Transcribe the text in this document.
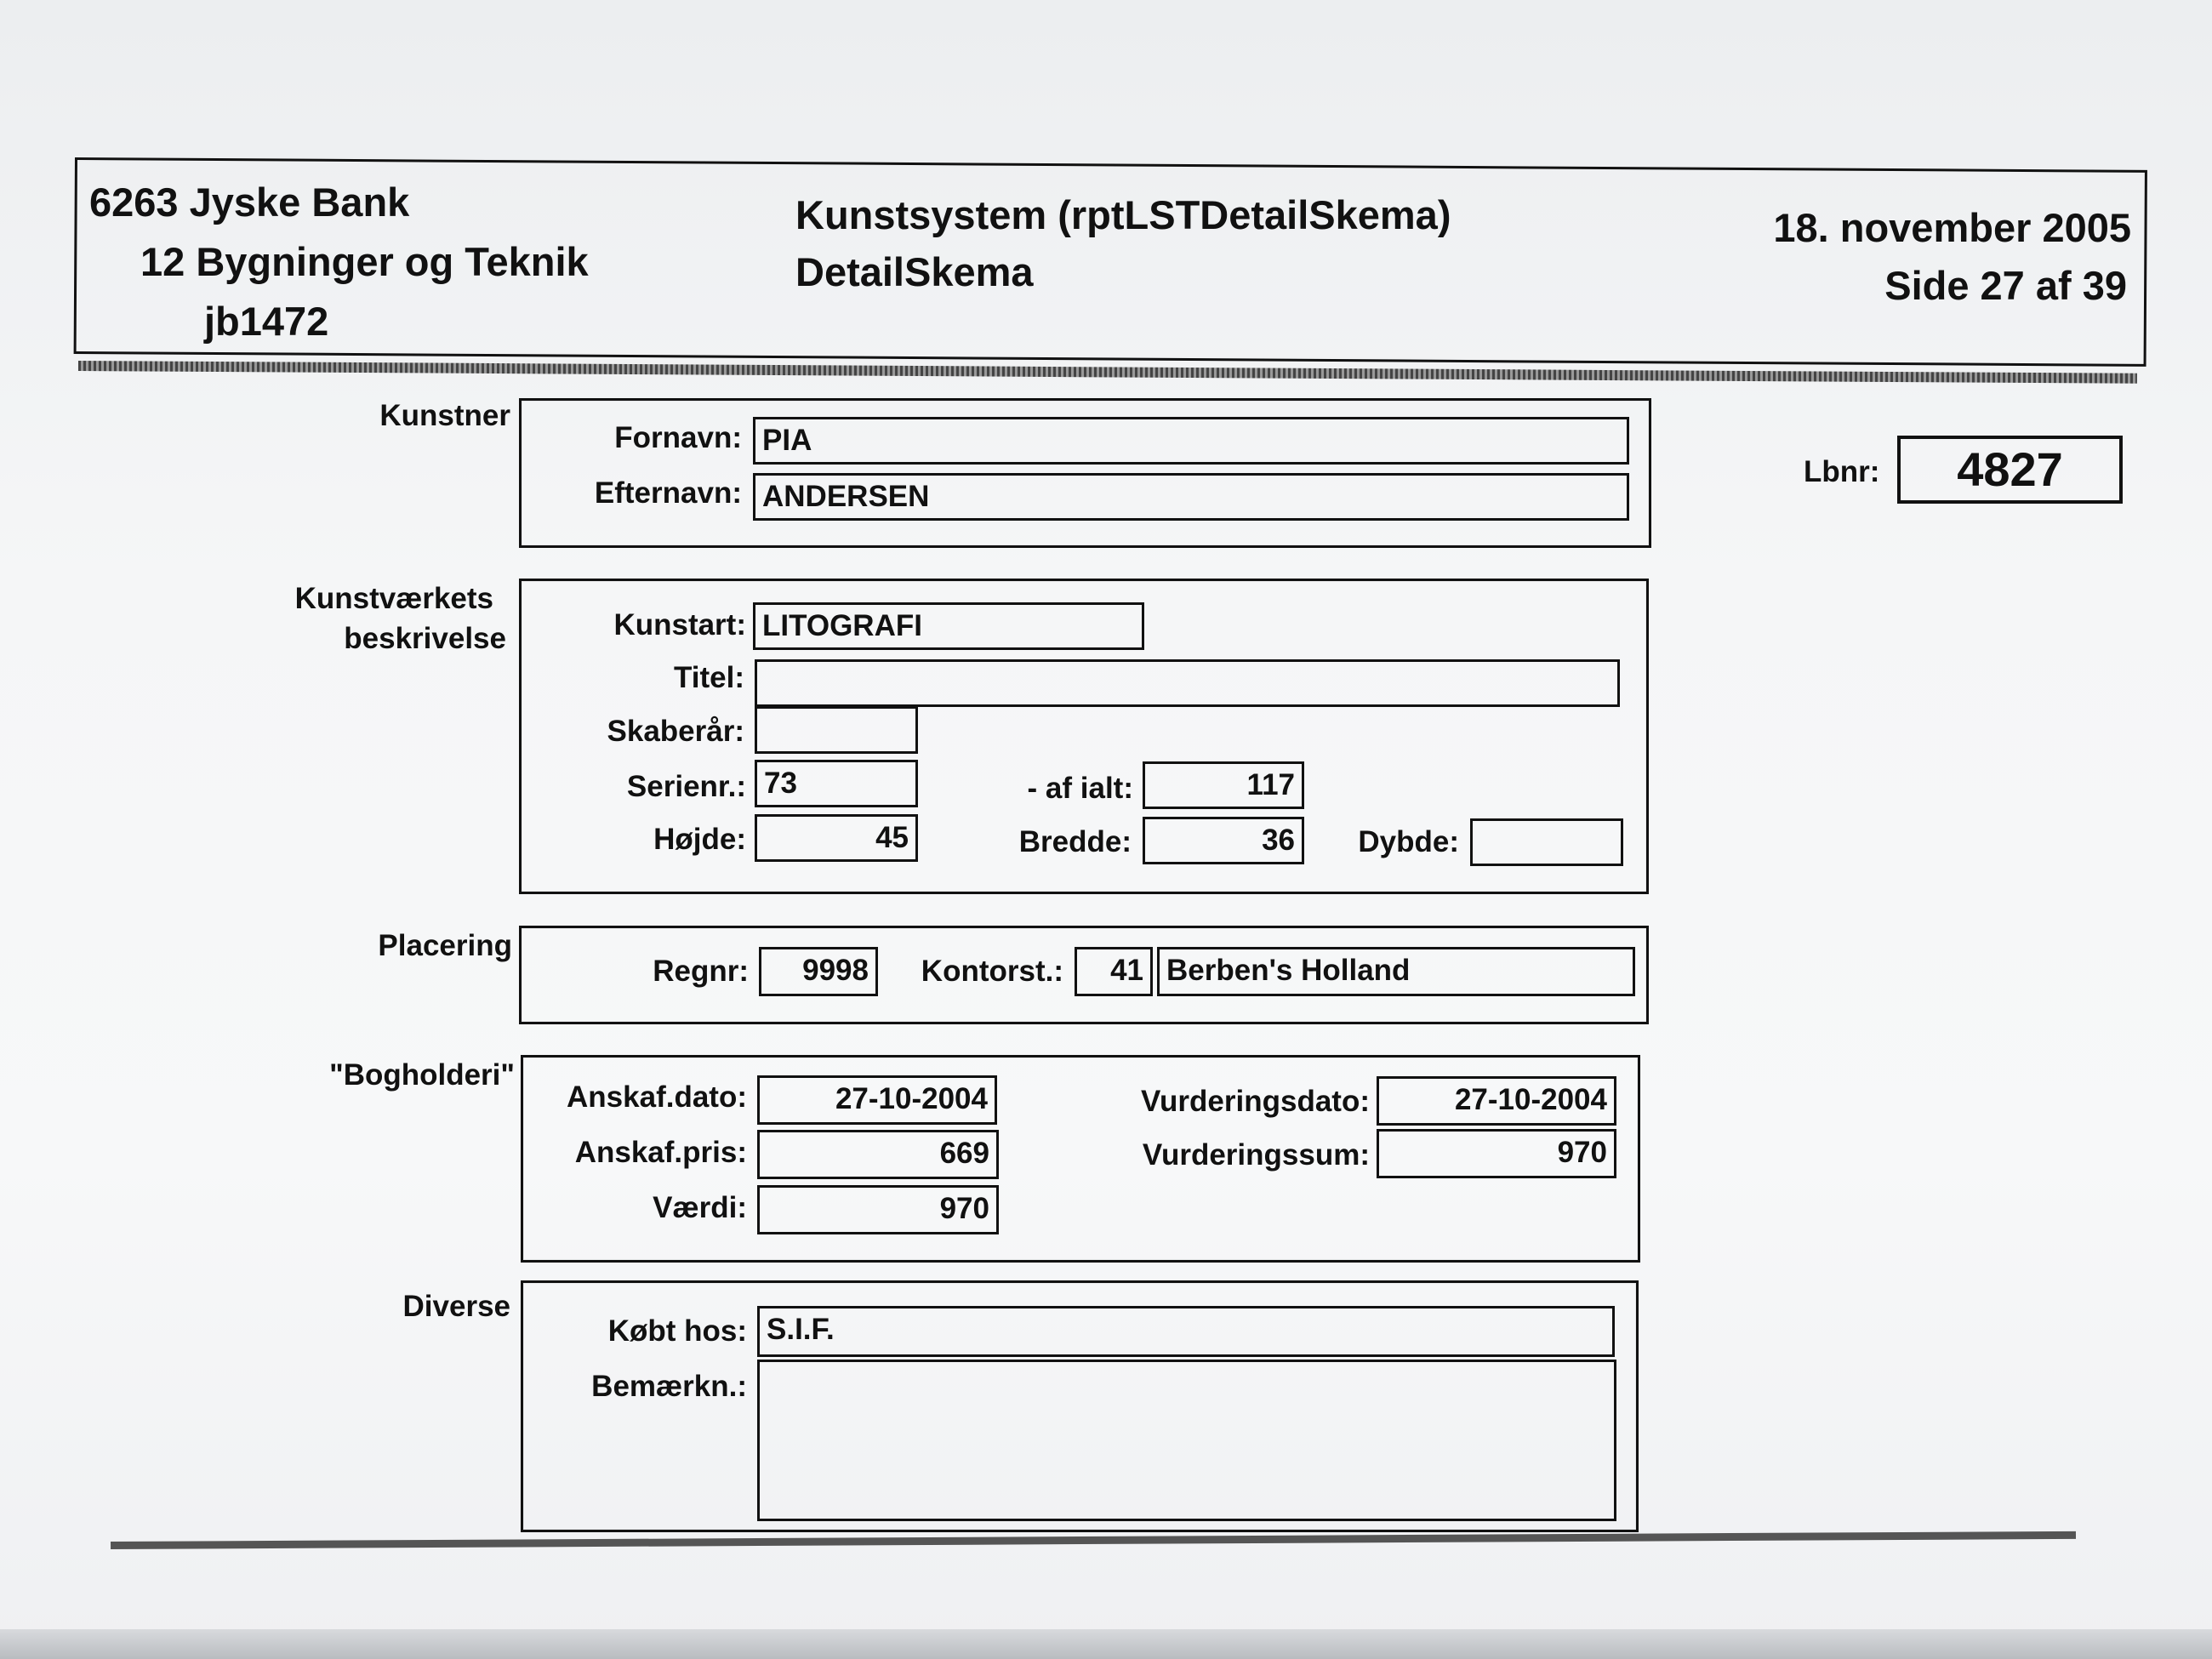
6263 Jyske Bank
12 Bygninger og Teknik
jb1472
Kunstsystem (rptLSTDetailSkema)
DetailSkema
18. november 2005
Side 27 af 39
Lbnr:	4827
Kunstner
Fornavn: PIA
Efternavn: ANDERSEN
Kunstværkets
beskrivelse	Kunstart: LITOGRAFI
Titel:
Skaberår:
Serienr.: 73	- af ialt:	117
Højde:	45	Bredde:	36	Dybde:
Placering
Regnr:	9998	Kontorst.:	41 Berben's Holland
"Bogholderi"
Anskaf.dato:	27-10-2004
Anskaf.pris:	669
Værdi:	970
Vurderingsdato:	27-10-2004
Vurderingssum:	970
Diverse
Købt hos: S.I.F.
Bemærkn.:
